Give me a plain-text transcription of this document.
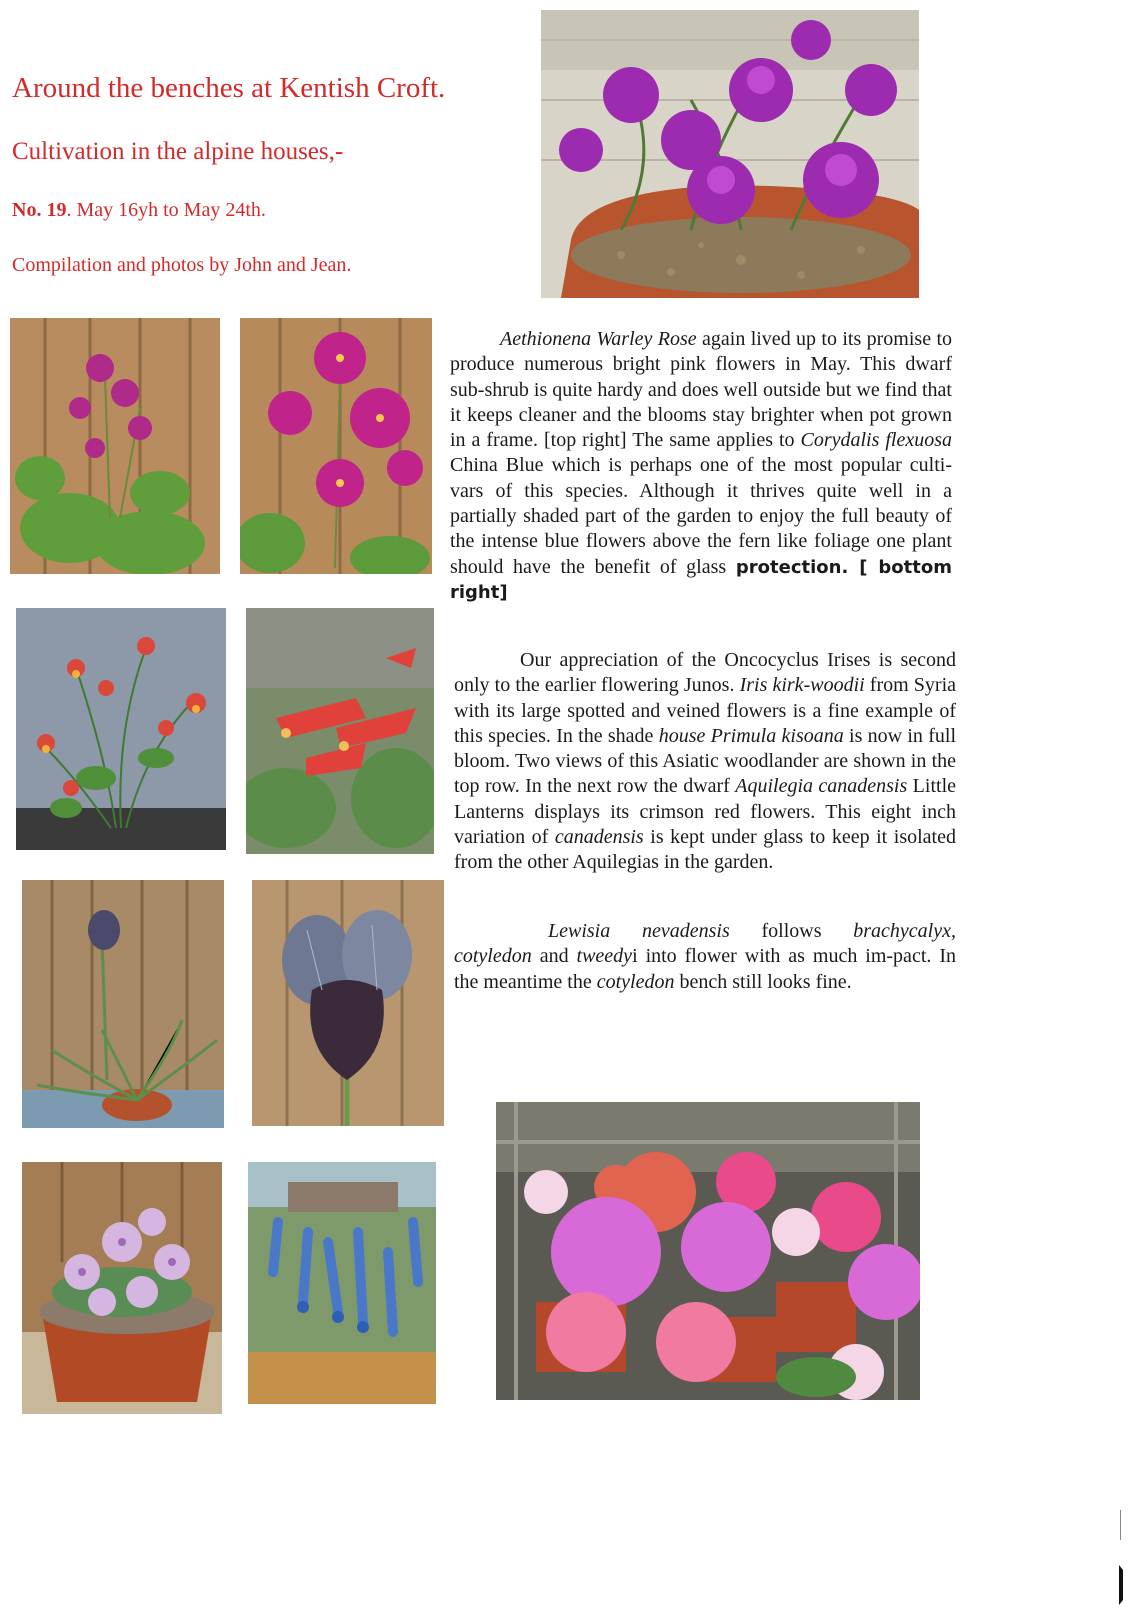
Around the benches at Kentish Croft.
Cultivation in the alpine houses,-
No. 19. May 16yh to May 24th.
Compilation and photos by John and Jean.

Aethionena Warley Rose again lived up to its promise to produce numerous bright pink flowers in May. This dwarf sub-shrub is quite hardy and does well outside but we find that it keeps cleaner and the blooms stay brighter when pot grown in a frame. [top right] The same applies to Corydalis flexuosa China Blue which is perhaps one of the most popular culti-vars of this species. Although it thrives quite well in a partially shaded part of the garden to enjoy the full beauty of the intense blue flowers above the fern like foliage one plant should have the benefit of glass protection. [ bottom right]

Our appreciation of the Oncocyclus Irises is second only to the earlier flowering Junos. Iris kirk-woodii from Syria with its large spotted and veined flowers is a fine example of this species. In the shade house Primula kisoana is now in full bloom. Two views of this Asiatic woodlander are shown in the top row. In the next row the dwarf Aquilegia canadensis Little Lanterns displays its crimson red flowers. This eight inch variation of canadensis is kept under glass to keep it isolated from the other Aquilegias in the garden.

Lewisia nevadensis follows brachycalyx, cotyledon and tweedyi into flower with as much im-pact. In the meantime the cotyledon bench still looks fine.
